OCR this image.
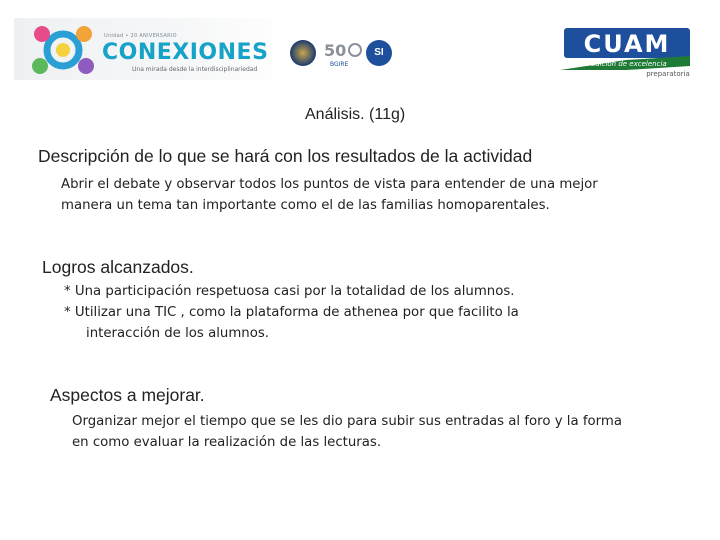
Unidad • 20 ANIVERSARIO
CONEXIONES
Una mirada desde la interdisciplinariedad
50
BGIRE
SI	CUAM
tradición de excelencia
preparatoria
Análisis. (11g)
Descripción de lo que se hará con los resultados de la actividad
Abrir el debate y observar todos los puntos de vista para entender de una mejor
manera un tema tan importante como el de las familias homoparentales.
Logros alcanzados.
* Una participación respetuosa casi por la totalidad de los alumnos.
* Utilizar una TIC , como la plataforma de athenea por que facilito la
interacción de los alumnos.
Aspectos a mejorar.
Organizar mejor el tiempo que se les dio para subir sus entradas al foro y la forma
en como evaluar la realización de las lecturas.
